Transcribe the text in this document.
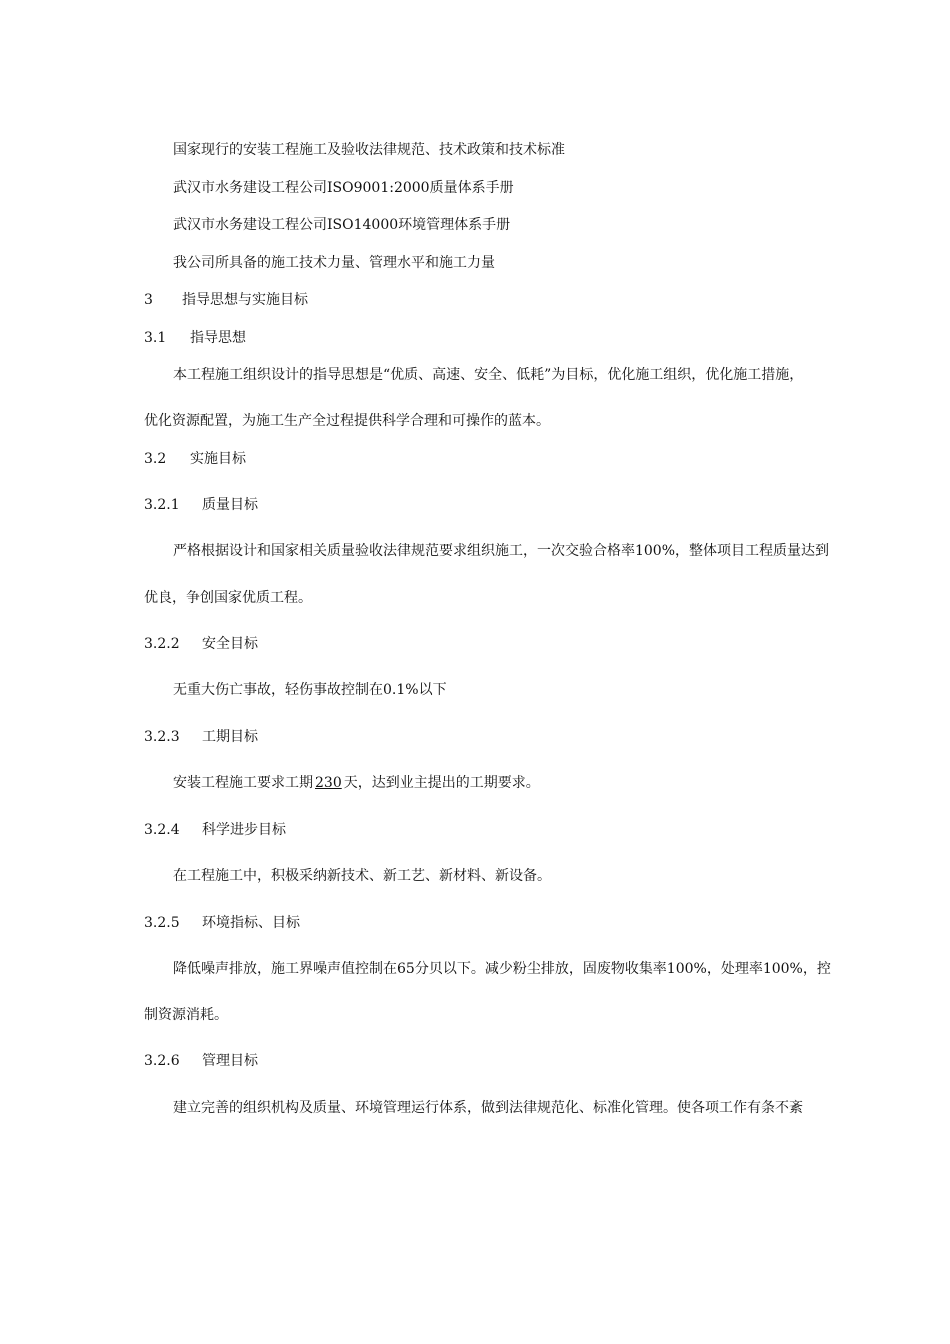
国家现行的安装工程施工及验收法律规范、技术政策和技术标准
武汉市水务建设工程公司ISO9001:2000质量体系手册
武汉市水务建设工程公司ISO14000环境管理体系手册
我公司所具备的施工技术力量、管理水平和施工力量
3 指导思想与实施目标
3.1 指导思想
本工程施工组织设计的指导思想是“优质、高速、安全、低耗”为目标，优化施工组织，优化施工措施，
优化资源配置，为施工生产全过程提供科学合理和可操作的蓝本。
3.2 实施目标
3.2.1 质量目标
严格根据设计和国家相关质量验收法律规范要求组织施工，一次交验合格率100%，整体项目工程质量达到
优良，争创国家优质工程。
3.2.2 安全目标
无重大伤亡事故，轻伤事故控制在0.1%以下
3.2.3 工期目标
安装工程施工要求工期 230 天，达到业主提出的工期要求。
3.2.4 科学进步目标
在工程施工中，积极采纳新技术、新工艺、新材料、新设备。
3.2.5 环境指标、目标
降低噪声排放，施工界噪声值控制在65分贝以下。减少粉尘排放，固废物收集率100%，处理率100%，控
制资源消耗。
3.2.6 管理目标
建立完善的组织机构及质量、环境管理运行体系，做到法律规范化、标准化管理。使各项工作有条不紊
